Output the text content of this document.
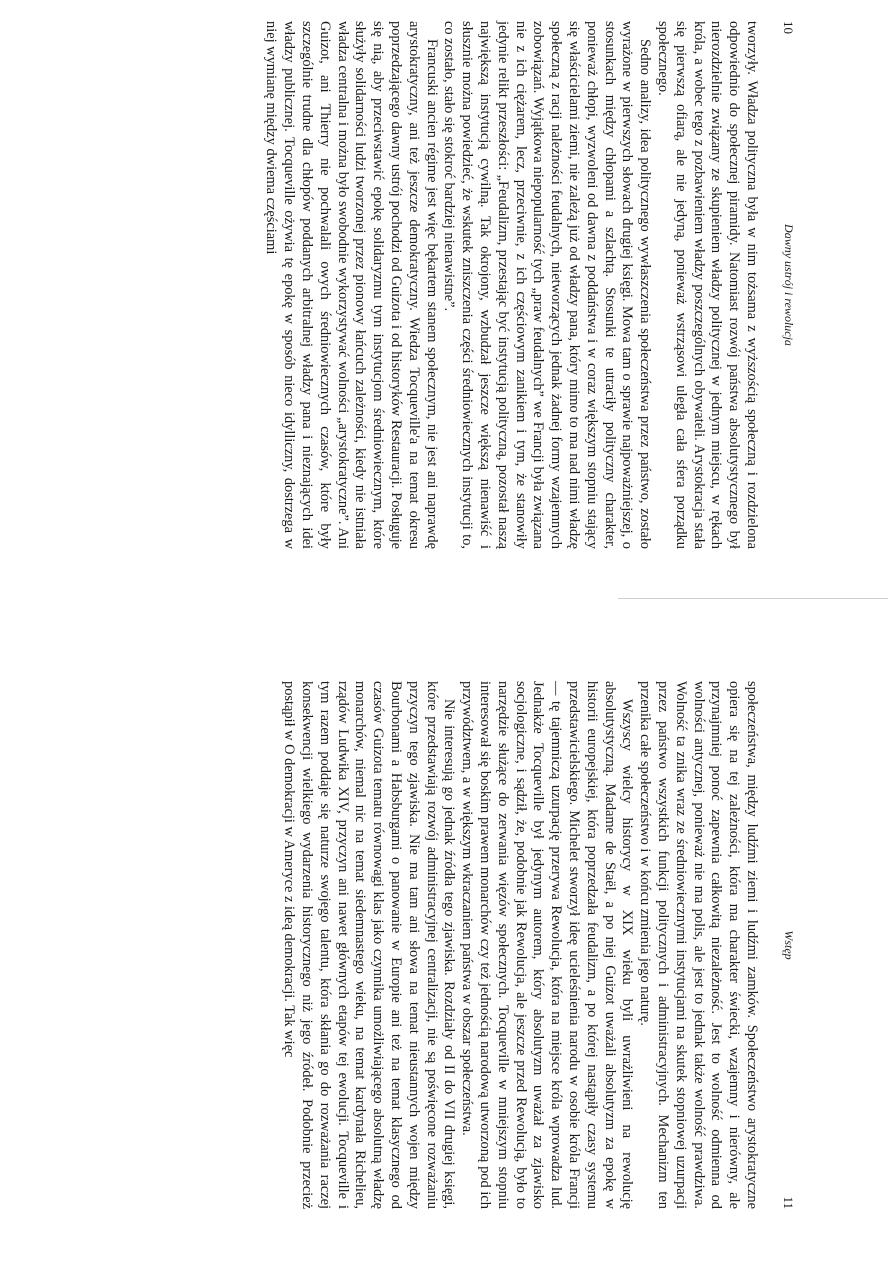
10
Dawny ustrój i rewolucja

tworzyły. Władza polityczna była w nim tożsama z wyższością społeczną i rozdzielona odpowiednio do społecznej piramidy. Natomiast rozwój państwa absolutystycznego był nierozdzielnie związany ze skupieniem władzy politycznej w jednym miejscu, w rękach króla, a wobec tego z pozbawieniem władzy poszczególnych obywateli. Arystokracja stała się pierwszą ofiarą, ale nie jedyną, ponieważ wstrząsowi uległa cała sfera porządku społecznego.

Sedno analizy, idea politycznego wywłaszczenia społeczeństwa przez państwo, zostało wyrażone w pierwszych słowach drugiej księgi. Mowa tam o sprawie najpoważniejszej, o stosunkach między chłopami a szlachtą. Stosunki te utraciły polityczny charakter, ponieważ chłopi, wyzwoleni od dawna z poddaństwa i w coraz większym stopniu stający się właścicielami ziemi, nie zależą już od władzy pana, który mimo to ma nad nimi władzę społeczną z racji należności feudalnych, nietworzących jednak żadnej formy wzajemnych zobowiązań. Wyjątkowa niepopularność tych „praw feudalnych” we Francji była związana nie z ich ciężarem, lecz, przeciwnie, z ich częściowym zanikiem i tym, że stanowiły jedynie relikt przeszłości: „Feudalizm, przestając być instytucją polityczną, pozostał naszą największą instytucją cywilną. Tak okrojony, wzbudzał jeszcze większą nienawiść i słusznie można powiedzieć, że wskutek zniszczenia części średniowiecznych instytucji to, co zostało, stało się stokroć bardziej nienawistne”.

Francuski ancien régime jest więc bękartem stanem społecznym, nie jest ani naprawdę arystokratyczny, ani też jeszcze demokratyczny. Wiedza Tocqueville'a na temat okresu poprzedzającego dawny ustrój pochodzi od Guizota i od historyków Restauracji. Posługuje się nią, aby przeciwstawić epokę solidaryzmu tym instytucjom średniowiecznym, które służyły solidarności ludzi tworzonej przez pionowy łańcuch zależności, kiedy nie istniała władza centralna i można było swobodnie wykorzystywać wolności „arystokratyczne”. Ani Guizot, ani Thierry nie pochwalali owych średniowiecznych czasów, które były szczególnie trudne dla chłopów poddanych arbitralnej władzy pana i nieznających idei władzy publicznej. Tocqueville ożywia tę epokę w sposób nieco idylliczny, dostrzega w niej wymianę między dwiema częściami

Wstęp
11

społeczeństwa, między ludźmi ziemi i ludźmi zamków. Społeczeństwo arystokratyczne opiera się na tej zależności, która ma charakter świecki, wzajemny i nierówny, ale przynajmniej ponoć zapewnia całkowitą niezależność. Jest to wolność odmienna od wolności antycznej, ponieważ nie ma polis, ale jest to jednak także wolność prawdziwa. Wolność ta znika wraz ze średniowiecznymi instytucjami na skutek stopniowej uzurpacji przez państwo wszystkich funkcji politycznych i administracyjnych. Mechanizm ten przenika całe społeczeństwo i w końcu zmienia jego naturę.

Wszyscy wielcy historycy w XIX wieku byli uwrażliwieni na rewolucję absolutystyczną. Madame de Staël, a po niej Guizot uważali absolutyzm za epokę w historii europejskiej, która poprzedzała feudalizm, a po której nastąpiły czasy systemu przedstawicielskiego. Michelet stworzył ideę ucieleśnienia narodu w osobie króla Francji — tę tajemniczą uzurpację przerywa Rewolucja, która na miejsce króla wprowadza lud. Jednakże Tocqueville był jedynym autorem, który absolutyzm uważał za zjawisko socjologiczne, i sądził, że, podobnie jak Rewolucja, ale jeszcze przed Rewolucją, było to narzędzie służące do zerwania więzów społecznych. Tocqueville w mniejszym stopniu interesował się boskim prawem monarchów czy też jednością narodową utworzoną pod ich przywództwem, a w większym wkraczaniem państwa w obszar społeczeństwa.

Nie interesują go jednak źródła tego zjawiska. Rozdziały od II do VII drugiej księgi, które przedstawiają rozwój administracyjnej centralizacji, nie są poświęcone rozważaniu przyczyn tego zjawiska. Nie ma tam ani słowa na temat nieustannych wojen między Bourbonami a Habsburgami o panowanie w Europie ani też na temat klasycznego od czasów Guizota tematu równowagi klas jako czynnika umożliwiającego absolutną władzę monarchów, niemal nic na temat siedemnastego wieku, na temat kardynała Richelieu, rządów Ludwika XIV, przyczyn ani nawet głównych etapów tej ewolucji. Tocqueville i tym razem poddaje się naturze swojego talentu, która skłania go do rozważania raczej konsekwencji wielkiego wydarzenia historycznego niż jego źródeł. Podobnie przecież postąpił w O demokracji w Ameryce z ideą demokracji. Tak więc
